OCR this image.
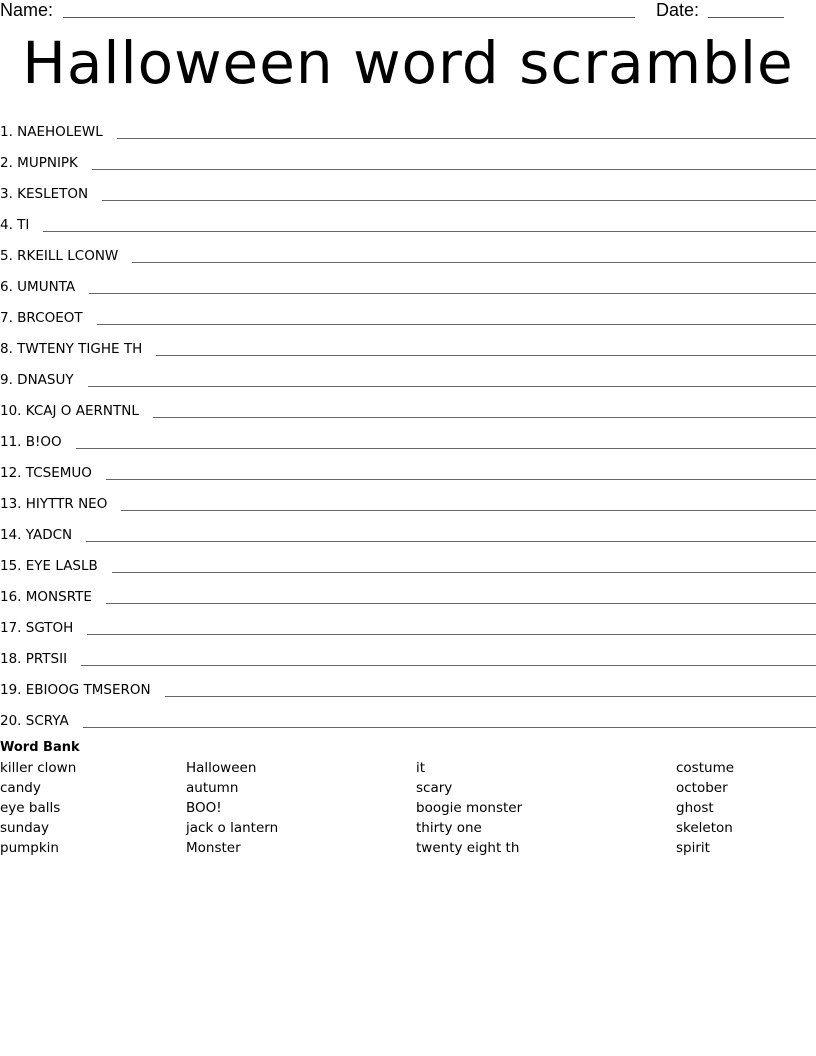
Name:	Date:
Halloween word scramble
1. NAEHOLEWL
2. MUPNIPK
3. KESLETON
4. TI
5. RKEILL LCONW
6. UMUNTA
7. BRCOEOT
8. TWTENY TIGHE TH
9. DNASUY
10. KCAJ O AERNTNL
11. B!OO
12. TCSEMUO
13. HIYTTR NEO
14. YADCN
15. EYE LASLB
16. MONSRTE
17. SGTOH
18. PRTSII
19. EBIOOG TMSERON
20. SCRYA
Word Bank
killer clown	Halloween	it	costume
candy	autumn	scary	october
eye balls	BOO!	boogie monster	ghost
sunday	jack o lantern	thirty one	skeleton
pumpkin	Monster	twenty eight th	spirit
